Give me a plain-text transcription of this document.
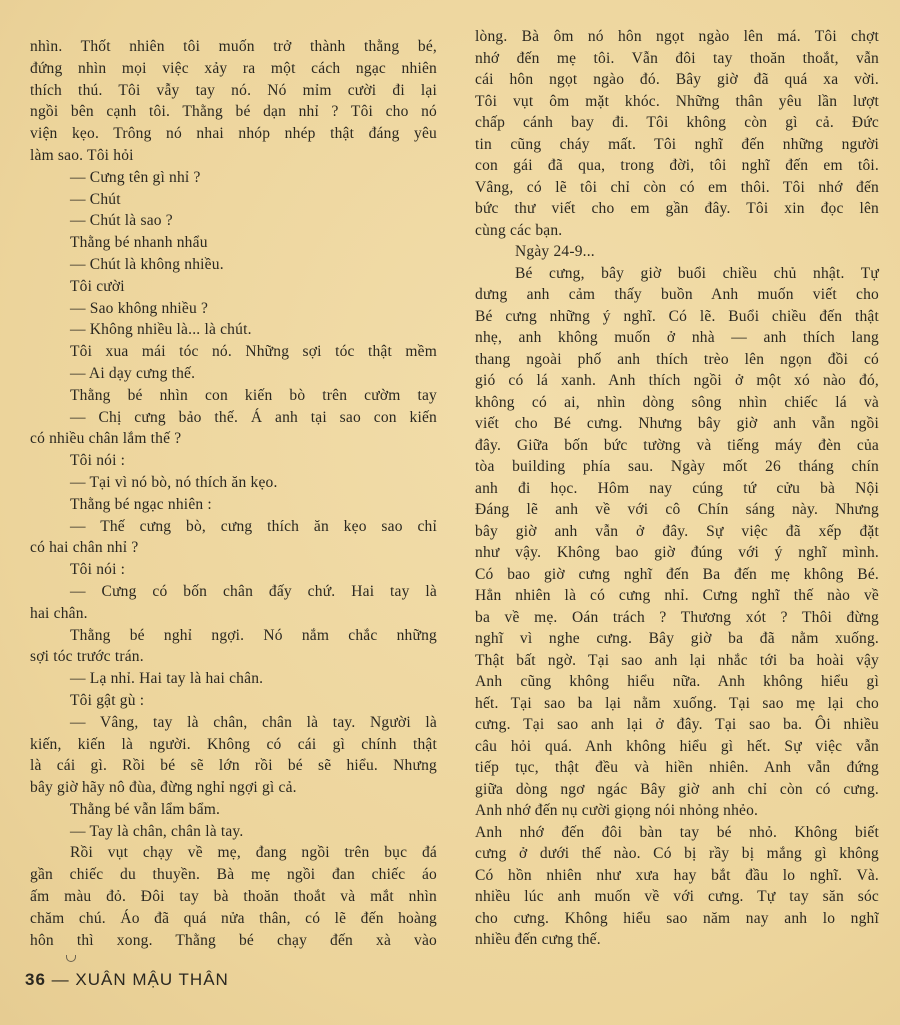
nhìn. Thốt nhiên tôi muốn trở thành thằng bé,
đứng nhìn mọi việc xảy ra một cách ngạc nhiên
thích thú. Tôi vẫy tay nó. Nó mỉm cười đi lại
ngồi bên cạnh tôi. Thằng bé dạn nhỉ ? Tôi cho nó
viện kẹo. Trông nó nhai nhóp nhép thật đáng yêu
làm sao. Tôi hỏi
— Cưng tên gì nhỉ ?
— Chút
— Chút là sao ?
Thằng bé nhanh nhẩu
— Chút là không nhiều.
Tôi cười
— Sao không nhiều ?
— Không nhiều là... là chút.
Tôi xua mái tóc nó. Những sợi tóc thật mềm
— Ai dạy cưng thế.
Thằng bé nhìn con kiến bò trên cườm tay
— Chị cưng bảo thế. Á anh tại sao con kiến
có nhiều chân lắm thế ?
Tôi nói :
— Tại vì nó bò, nó thích ăn kẹo.
Thằng bé ngạc nhiên :
— Thế cưng bò, cưng thích ăn kẹo sao chỉ
có hai chân nhỉ ?
Tôi nói :
— Cưng có bốn chân đấy chứ. Hai tay là
hai chân.
Thằng bé nghỉ ngợi. Nó nắm chắc những
sợi tóc trước trán.
— Lạ nhỉ. Hai tay là hai chân.
Tôi gật gù :
— Vâng, tay là chân, chân là tay. Người là
kiến, kiến là người. Không có cái gì chính thật
là cái gì. Rồi bé sẽ lớn rồi bé sẽ hiểu. Nhưng
bây giờ hãy nô đùa, đừng nghỉ ngợi gì cả.
Thằng bé vẫn lẩm bẩm.
— Tay là chân, chân là tay.
Rồi vụt chạy về mẹ, đang ngồi trên bục đá
gần chiếc du thuyền. Bà mẹ ngồi đan chiếc áo
ấm màu đỏ. Đôi tay bà thoăn thoắt và mắt nhìn
chăm chú. Áo đã quá nửa thân, có lẽ đến hoàng
hôn thì xong. Thằng bé chạy đến xà vào
lòng. Bà ôm nó hôn ngọt ngào lên má. Tôi chợt
nhớ đến mẹ tôi. Vẫn đôi tay thoăn thoắt, vẫn
cái hôn ngọt ngào đó. Bây giờ đã quá xa vời.
Tôi vụt ôm mặt khóc. Những thân yêu lần lượt
chấp cánh bay đi. Tôi không còn gì cả. Đức
tin cũng cháy mất. Tôi nghĩ đến những người
con gái đã qua, trong đời, tôi nghĩ đến em tôi.
Vâng, có lẽ tôi chỉ còn có em thôi. Tôi nhớ đến
bức thư viết cho em gần đây. Tôi xin đọc lên
cùng các bạn.
Ngày 24-9...
Bé cưng, bây giờ buổi chiều chủ nhật. Tự
dưng anh cảm thấy buồn Anh muốn viết cho
Bé cưng những ý nghĩ. Có lẽ. Buổi chiều đến thật
nhẹ, anh không muốn ở nhà — anh thích lang
thang ngoài phố anh thích trèo lên ngọn đồi có
gió có lá xanh. Anh thích ngồi ở một xó nào đó,
không có ai, nhìn dòng sông nhìn chiếc lá và
viết cho Bé cưng. Nhưng bây giờ anh vẫn ngồi
đây. Giữa bốn bức tường và tiếng máy đèn của
tòa building phía sau. Ngày mốt 26 tháng chín
anh đi học. Hôm nay cúng tứ cửu bà Nội
Đáng lẽ anh về với cô Chín sáng này. Nhưng
bây giờ anh vẫn ở đây. Sự việc đã xếp đặt
như vậy. Không bao giờ đúng với ý nghĩ mình.
Có bao giờ cưng nghĩ đến Ba đến mẹ không Bé.
Hẳn nhiên là có cưng nhỉ. Cưng nghĩ thế nào về
ba về mẹ. Oán trách ? Thương xót ? Thôi đừng
nghĩ vì nghe cưng. Bây giờ ba đã nằm xuống.
Thật bất ngờ. Tại sao anh lại nhắc tới ba hoài vậy
Anh cũng không hiểu nữa. Anh không hiểu gì
hết. Tại sao ba lại nằm xuống. Tại sao mẹ lại cho
cưng. Tại sao anh lại ở đây. Tại sao ba. Ôi nhiều
câu hỏi quá. Anh không hiểu gì hết. Sự việc vẫn
tiếp tục, thật đều và hiền nhiên. Anh vẫn đứng
giữa dòng ngơ ngác Bây giờ anh chỉ còn có cưng.
Anh nhớ đến nụ cười giọng nói nhỏng nhẻo.
Anh nhớ đến đôi bàn tay bé nhỏ. Không biết
cưng ở dưới thế nào. Có bị rầy bị mắng gì không
Có hồn nhiên như xưa hay bắt đầu lo nghĩ. Và.
nhiều lúc anh muốn về với cưng. Tự tay săn sóc
cho cưng. Không hiểu sao năm nay anh lo nghĩ
nhiều đến cưng thế.
36 — XUÂN MẬU THÂN
